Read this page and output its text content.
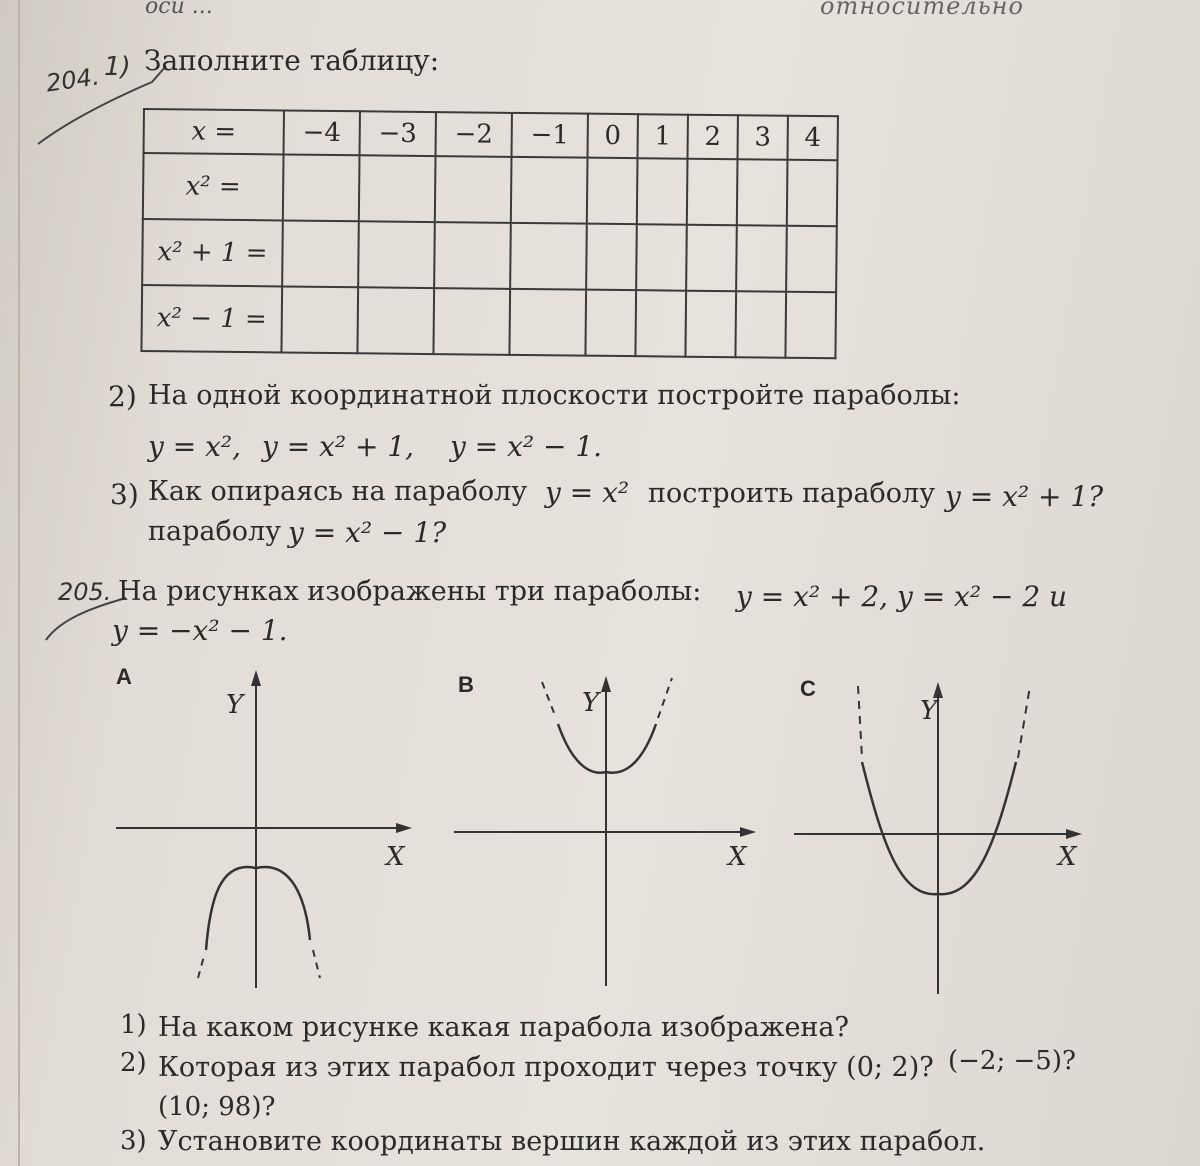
оси ...	относительно
204. 1) Заполните таблицу:
x =	−4	−3	−2	−1	0	1	2	3	4
x² =									
x² + 1 =									
x² − 1 =									
2) На одной координатной плоскости постройте параболы:
y = x², y = x² + 1, y = x² − 1.
3) Как опираясь на параболу y = x² построить параболу y = x² + 1?
параболу y = x² − 1?
205. На рисунках изображены три параболы: y = x² + 2, y = x² − 2 и
y = −x² − 1.
A
Y
X
B
Y
X
C
Y
X
1) На каком рисунке какая парабола изображена?
2) Которая из этих парабол проходит через точку (0; 2)? (−2; −5)?
(10; 98)?
3) Установите координаты вершин каждой из этих парабол.
